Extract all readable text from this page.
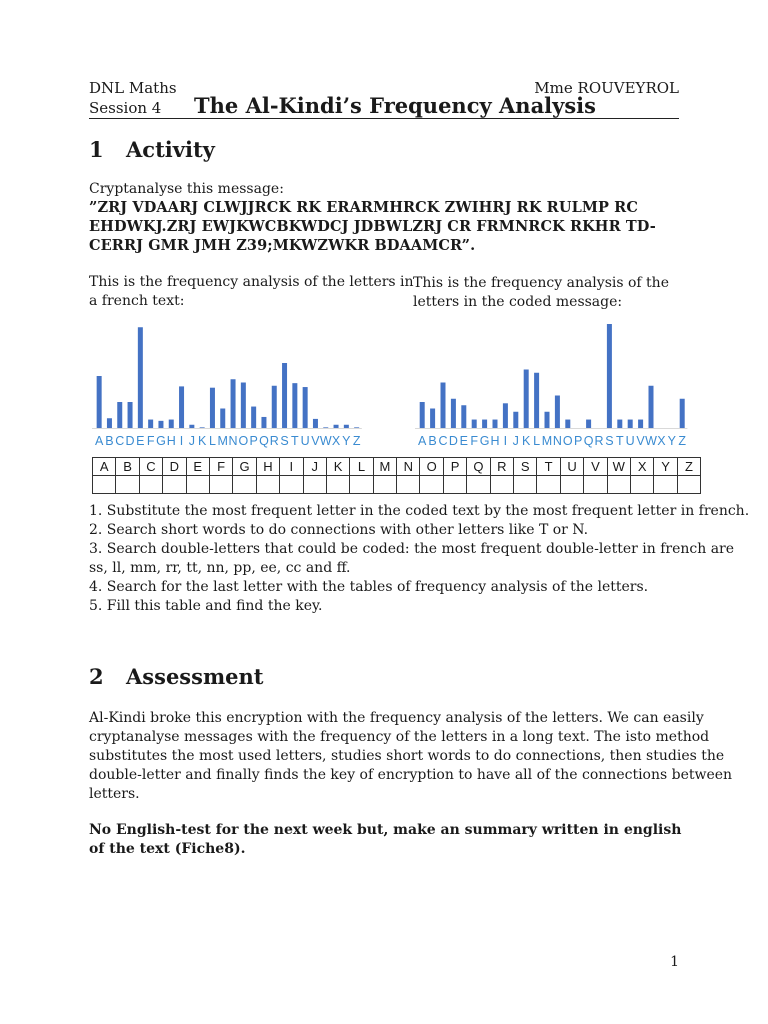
DNL Maths	Mme ROUVEYROL
Session 4 The Al-Kindi’s Frequency Analysis
1 Activity
Cryptanalyse this message:

”ZRJ VDAARJ CLWJJRCK RK ERARMHRCK ZWIHRJ RK RULMP RC

EHDWKJ.ZRJ EWJKWCBKWDCJ JDBWLZRJ CR FRMNRCK RKHR TD-

CERRJ GMR JMH Z39;MKWZWKR BDAAMCR”.

This is the frequency analysis of the letters in

a french text:

This is the frequency analysis of the

letters in the coded message:

A B C D E F G H I J K L M N O P Q R S T U V W X Y Z	A B C D E F G H I J K L M N O P Q R S T U V W X Y Z
A	B	C	D	E	F	G	H	I	J	K	L	M	N	O	P	Q	R	S	T	U	V	W	X	Y	Z

1. Substitute the most frequent letter in the coded text by the most frequent letter in french.

2. Search short words to do connections with other letters like T or N.

3. Search double-letters that could be coded: the most frequent double-letter in french are

ss, ll, mm, rr, tt, nn, pp, ee, cc and ff.

4. Search for the last letter with the tables of frequency analysis of the letters.

5. Fill this table and find the key.

2 Assessment

Al-Kindi broke this encryption with the frequency analysis of the letters. We can easily

cryptanalyse messages with the frequency of the letters in a long text. The isto method

substitutes the most used letters, studies short words to do connections, then studies the

double-letter and finally finds the key of encryption to have all of the connections between

letters.

No English-test for the next week but, make an summary written in english

of the text (Fiche8).

1
